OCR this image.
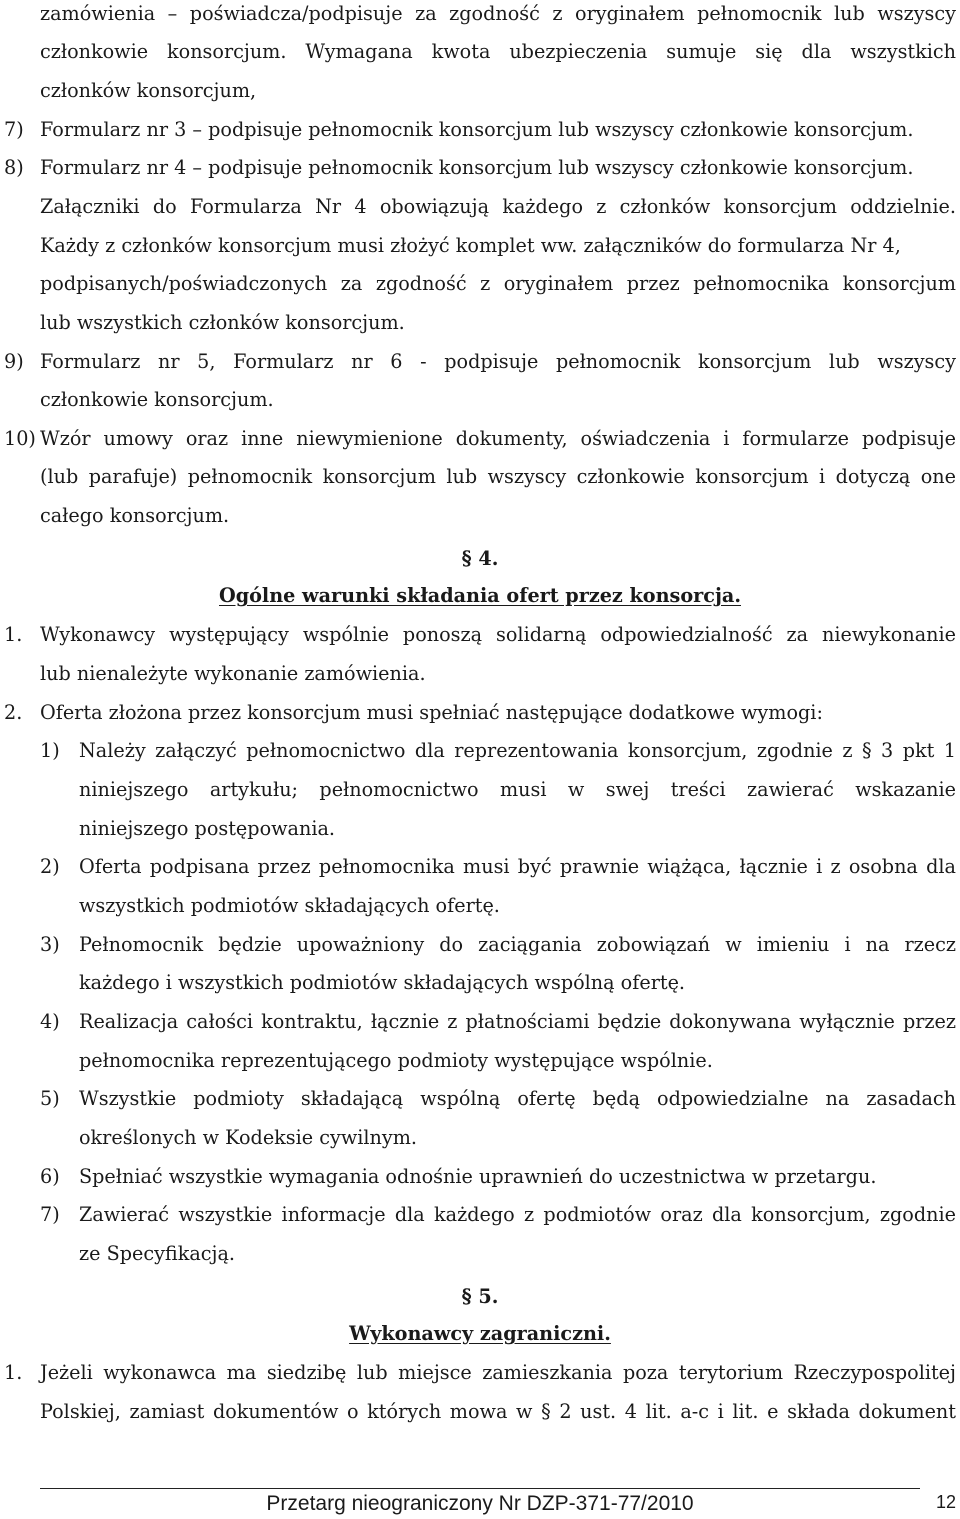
zamówienia – poświadcza/podpisuje za zgodność z oryginałem pełnomocnik lub wszyscy
członkowie konsorcjum. Wymagana kwota ubezpieczenia sumuje się dla wszystkich
członków konsorcjum,
7) Formularz nr 3 – podpisuje pełnomocnik konsorcjum lub wszyscy członkowie konsorcjum.
8) Formularz nr 4 – podpisuje pełnomocnik konsorcjum lub wszyscy członkowie konsorcjum.
Załączniki do Formularza Nr 4 obowiązują każdego z członków konsorcjum oddzielnie.
Każdy z członków konsorcjum musi złożyć komplet ww. załączników do formularza Nr 4,
podpisanych/poświadczonych za zgodność z oryginałem przez pełnomocnika konsorcjum
lub wszystkich członków konsorcjum.
9) Formularz nr 5, Formularz nr 6 - podpisuje pełnomocnik konsorcjum lub wszyscy
członkowie konsorcjum.
10) Wzór umowy oraz inne niewymienione dokumenty, oświadczenia i formularze podpisuje
(lub parafuje) pełnomocnik konsorcjum lub wszyscy członkowie konsorcjum i dotyczą one
całego konsorcjum.
§ 4.
Ogólne warunki składania ofert przez konsorcja.
1. Wykonawcy występujący wspólnie ponoszą solidarną odpowiedzialność za niewykonanie
lub nienależyte wykonanie zamówienia.
2. Oferta złożona przez konsorcjum musi spełniać następujące dodatkowe wymogi:
1) Należy załączyć pełnomocnictwo dla reprezentowania konsorcjum, zgodnie z § 3 pkt 1
niniejszego artykułu; pełnomocnictwo musi w swej treści zawierać wskazanie
niniejszego postępowania.
2) Oferta podpisana przez pełnomocnika musi być prawnie wiążąca, łącznie i z osobna dla
wszystkich podmiotów składających ofertę.
3) Pełnomocnik będzie upoważniony do zaciągania zobowiązań w imieniu i na rzecz
każdego i wszystkich podmiotów składających wspólną ofertę.
4) Realizacja całości kontraktu, łącznie z płatnościami będzie dokonywana wyłącznie przez
pełnomocnika reprezentującego podmioty występujące wspólnie.
5) Wszystkie podmioty składającą wspólną ofertę będą odpowiedzialne na zasadach
określonych w Kodeksie cywilnym.
6) Spełniać wszystkie wymagania odnośnie uprawnień do uczestnictwa w przetargu.
7) Zawierać wszystkie informacje dla każdego z podmiotów oraz dla konsorcjum, zgodnie
ze Specyfikacją.
§ 5.
Wykonawcy zagraniczni.
1. Jeżeli wykonawca ma siedzibę lub miejsce zamieszkania poza terytorium Rzeczypospolitej
Polskiej, zamiast dokumentów o których mowa w § 2 ust. 4 lit. a-c i lit. e składa dokument
Przetarg nieograniczony Nr DZP-371-77/2010	12
